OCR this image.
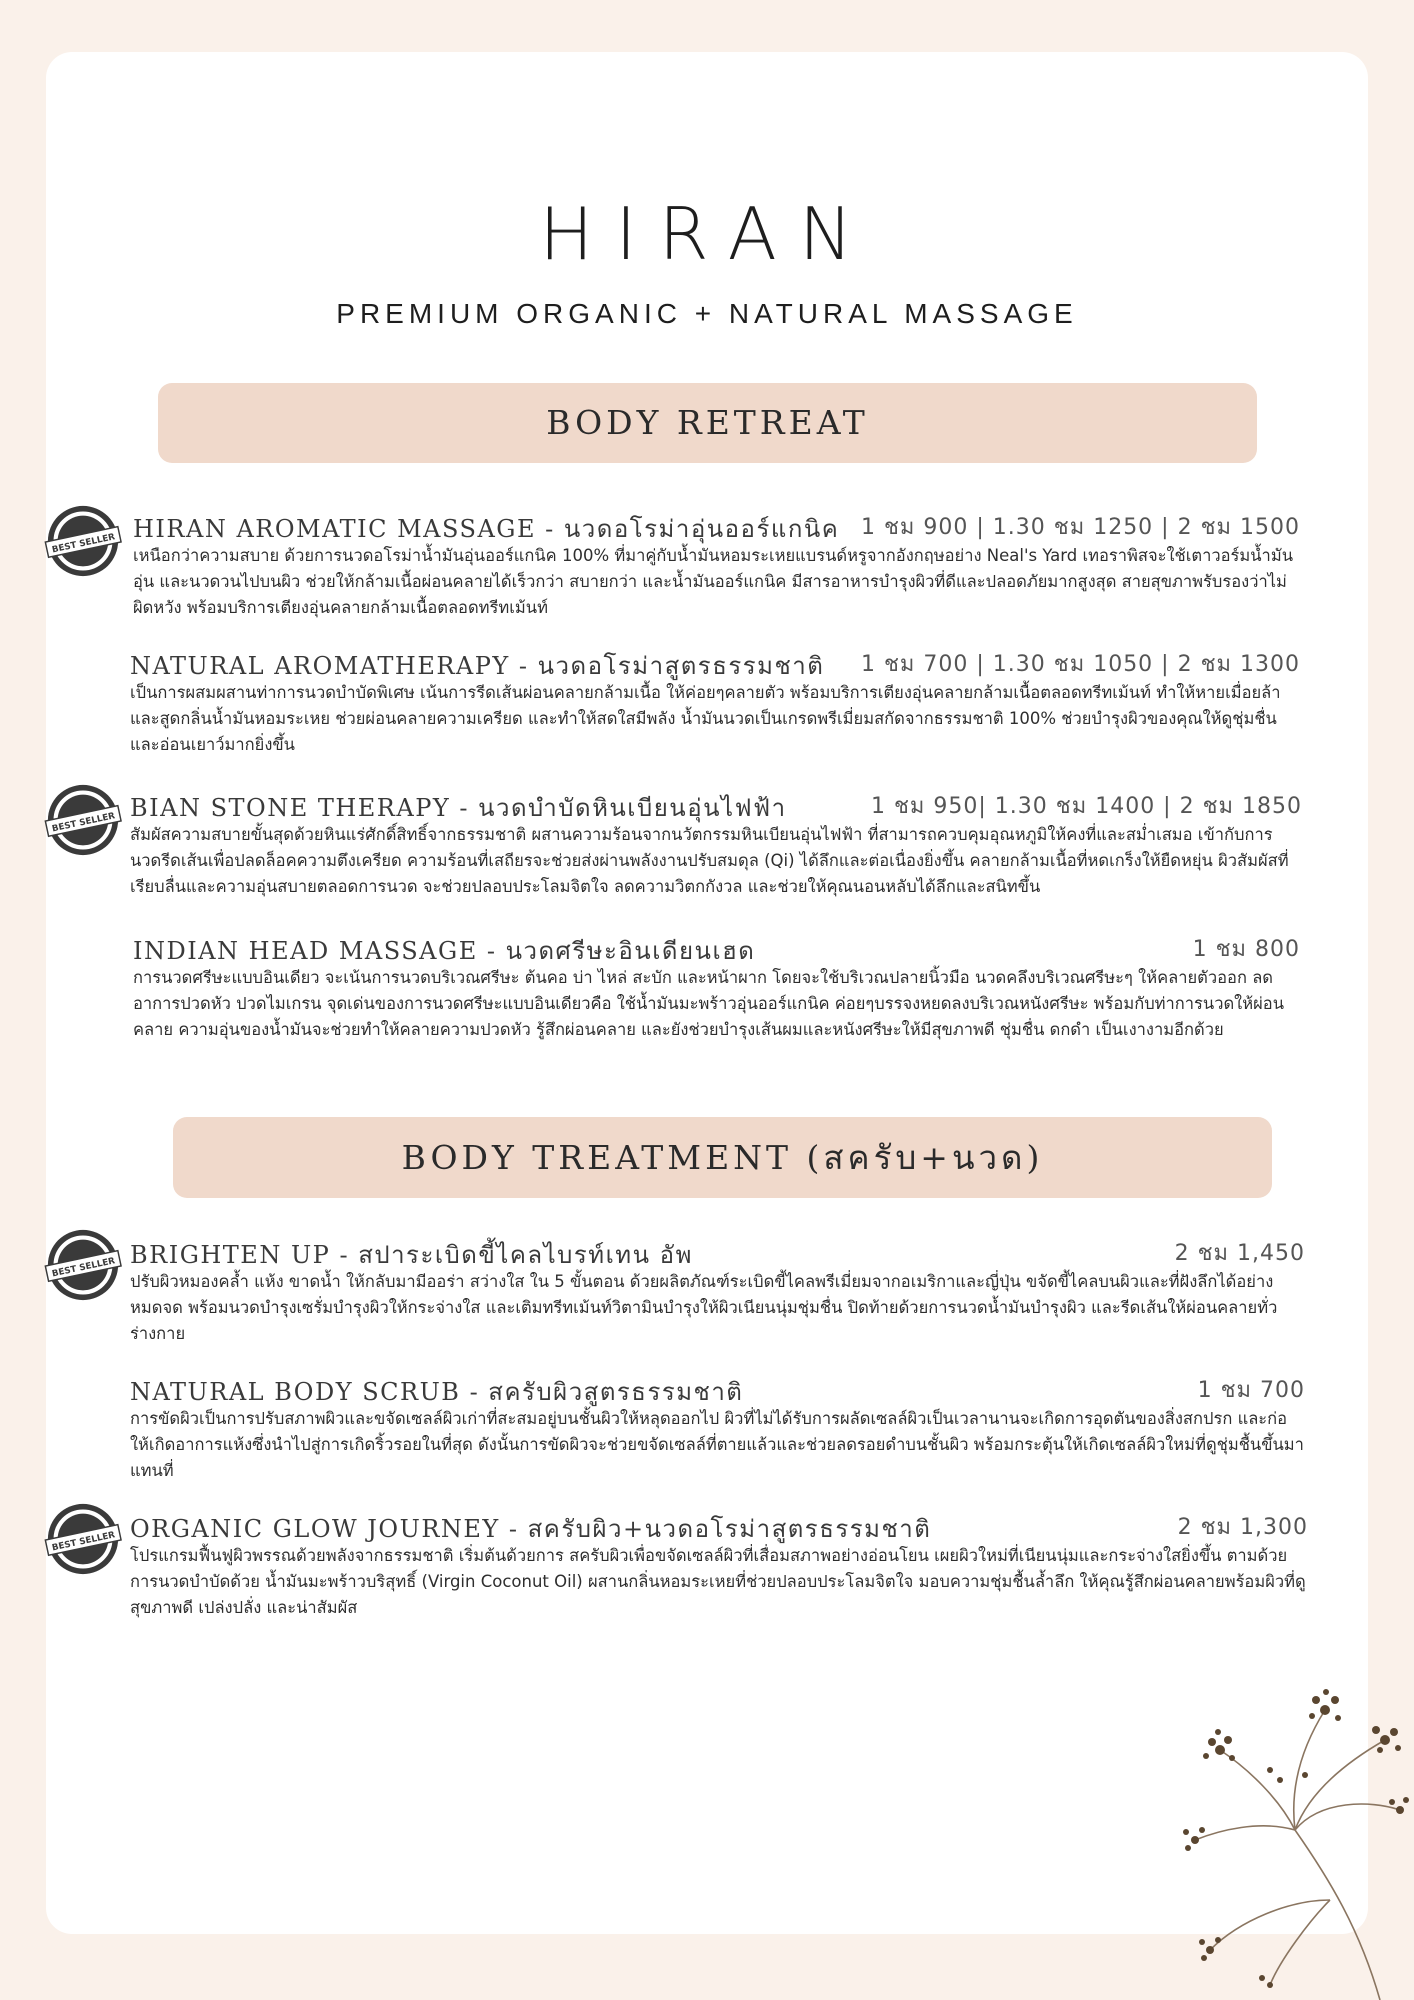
HIRAN
PREMIUM ORGANIC + NATURAL MASSAGE
BODY RETREAT
HIRAN AROMATIC MASSAGE - นวดอโรม่าอุ่นออร์แกนิค 1 ชม 900 | 1.30 ชม 1250 | 2 ชม 1500
เหนือกว่าความสบาย ด้วยการนวดอโรม่าน้ำมันอุ่นออร์แกนิค 100% ที่มาคู่กับน้ำมันหอมระเหยแบรนด์หรูจากอังกฤษอย่าง Neal's Yard เทอราพิสจะใช้เตาวอร์มน้ำมันอุ่น และนวดวนไปบนผิว ช่วยให้กล้ามเนื้อผ่อนคลายได้เร็วกว่า สบายกว่า และน้ำมันออร์แกนิค มีสารอาหารบำรุงผิวที่ดีและปลอดภัยมากสูงสุด สายสุขภาพรับรองว่าไม่ผิดหวัง พร้อมบริการเตียงอุ่นคลายกล้ามเนื้อตลอดทรีทเม้นท์
NATURAL AROMATHERAPY - นวดอโรม่าสูตรธรรมชาติ 1 ชม 700 | 1.30 ชม 1050 | 2 ชม 1300
เป็นการผสมผสานท่าการนวดบำบัดพิเศษ เน้นการรีดเส้นผ่อนคลายกล้ามเนื้อ ให้ค่อยๆคลายตัว พร้อมบริการเตียงอุ่นคลายกล้ามเนื้อตลอดทรีทเม้นท์ ทำให้หายเมื่อยล้า และสูดกลิ่นน้ำมันหอมระเหย ช่วยผ่อนคลายความเครียด และทำให้สดใสมีพลัง น้ำมันนวดเป็นเกรดพรีเมี่ยมสกัดจากธรรมชาติ 100% ช่วยบำรุงผิวของคุณให้ดูชุ่มชื่น และอ่อนเยาว์มากยิ่งขึ้น
BIAN STONE THERAPY - นวดบำบัดหินเบียนอุ่นไฟฟ้า	1 ชม 950| 1.30 ชม 1400 | 2 ชม 1850
สัมผัสความสบายขั้นสุดด้วยหินแร่ศักดิ์สิทธิ์จากธรรมชาติ ผสานความร้อนจากนวัตกรรมหินเบียนอุ่นไฟฟ้า ที่สามารถควบคุมอุณหภูมิให้คงที่และสม่ำเสมอ เข้ากับการนวดรีดเส้นเพื่อปลดล็อคความตึงเครียด ความร้อนที่เสถียรจะช่วยส่งผ่านพลังงานปรับสมดุล (Qi) ได้ลึกและต่อเนื่องยิ่งขึ้น คลายกล้ามเนื้อที่หดเกร็งให้ยืดหยุ่น ผิวสัมผัสที่เรียบลื่นและความอุ่นสบายตลอดการนวด จะช่วยปลอบประโลมจิตใจ ลดความวิตกกังวล และช่วยให้คุณนอนหลับได้ลึกและสนิทขึ้น
INDIAN HEAD MASSAGE - นวดศรีษะอินเดียนเฮด	1 ชม 800
การนวดศรีษะแบบอินเดียว จะเน้นการนวดบริเวณศรีษะ ต้นคอ บ่า ไหล่ สะบัก และหน้าผาก โดยจะใช้บริเวณปลายนิ้วมือ นวดคลึงบริเวณศรีษะๆ ให้คลายตัวออก ลดอาการปวดหัว ปวดไมเกรน จุดเด่นของการนวดศรีษะแบบอินเดียวคือ ใช้น้ำมันมะพร้าวอุ่นออร์แกนิค ค่อยๆบรรจงหยดลงบริเวณหนังศรีษะ พร้อมกับท่าการนวดให้ผ่อนคลาย ความอุ่นของน้ำมันจะช่วยทำให้คลายความปวดหัว รู้สึกผ่อนคลาย และยังช่วยบำรุงเส้นผมและหนังศรีษะให้มีสุขภาพดี ชุ่มชื่น ดกดำ เป็นเงางามอีกด้วย
BODY TREATMENT (สครับ+นวด)
BRIGHTEN UP - สปาระเบิดขี้ไคลไบรท์เทน อัพ	2 ชม 1,450
ปรับผิวหมองคล้ำ แห้ง ขาดน้ำ ให้กลับมามีออร่า สว่างใส ใน 5 ขั้นตอน ด้วยผลิตภัณฑ์ระเบิดขี้ไคลพรีเมี่ยมจากอเมริกาและญี่ปุ่น ขจัดขี้ไคลบนผิวและที่ฝังลึกได้อย่างหมดจด พร้อมนวดบำรุงเซรั่มบำรุงผิวให้กระจ่างใส และเติมทรีทเม้นท์วิตามินบำรุงให้ผิวเนียนนุ่มชุ่มชื่น ปิดท้ายด้วยการนวดน้ำมันบำรุงผิว และรีดเส้นให้ผ่อนคลายทั่วร่างกาย
NATURAL BODY SCRUB - สครับผิวสูตรธรรมชาติ	1 ชม 700
การขัดผิวเป็นการปรับสภาพผิวและขจัดเซลล์ผิวเก่าที่สะสมอยู่บนชั้นผิวให้หลุดออกไป ผิวที่ไม่ได้รับการผลัดเซลล์ผิวเป็นเวลานานจะเกิดการอุดตันของสิ่งสกปรก และก่อให้เกิดอาการแห้งซึ่งนำไปสู่การเกิดริ้วรอยในที่สุด ดังนั้นการขัดผิวจะช่วยขจัดเซลล์ที่ตายแล้วและช่วยลดรอยดำบนชั้นผิว พร้อมกระตุ้นให้เกิดเซลล์ผิวใหม่ที่ดูชุ่มชื้นขึ้นมาแทนที่
ORGANIC GLOW JOURNEY - สครับผิว+นวดอโรม่าสูตรธรรมชาติ	2 ชม 1,300
โปรแกรมฟื้นฟูผิวพรรณด้วยพลังจากธรรมชาติ เริ่มต้นด้วยการ สครับผิวเพื่อขจัดเซลล์ผิวที่เสื่อมสภาพอย่างอ่อนโยน เผยผิวใหม่ที่เนียนนุ่มและกระจ่างใสยิ่งขึ้น ตามด้วยการนวดบำบัดด้วย น้ำมันมะพร้าวบริสุทธิ์ (Virgin Coconut Oil) ผสานกลิ่นหอมระเหยที่ช่วยปลอบประโลมจิตใจ มอบความชุ่มชื้นล้ำลึก ให้คุณรู้สึกผ่อนคลายพร้อมผิวที่ดูสุขภาพดี เปล่งปลั่ง และน่าสัมผัส
BEST SELLER
BEST SELLER
BEST SELLER
BEST SELLER
